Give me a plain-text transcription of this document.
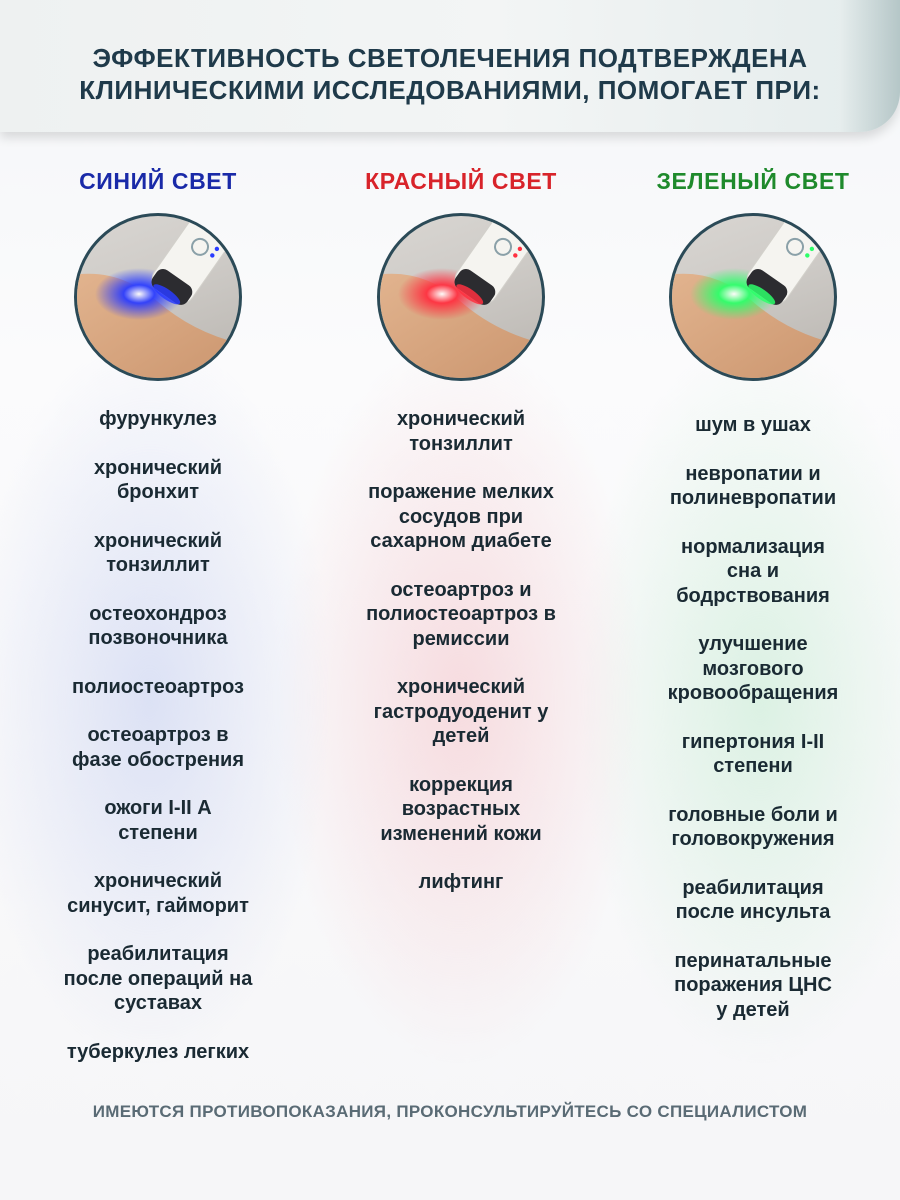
ЭФФЕКТИВНОСТЬ СВЕТОЛЕЧЕНИЯ ПОДТВЕРЖДЕНА
КЛИНИЧЕСКИМИ ИССЛЕДОВАНИЯМИ, ПОМОГАЕТ ПРИ:
СИНИЙ СВЕТ
фурункулез
хронический
бронхит
хронический
тонзиллит
остеохондроз
позвоночника
полиостеоартроз
остеоартроз в
фазе обострения
ожоги I-II А
степени
хронический
синусит, гайморит
реабилитация
после операций на
суставах
туберкулез легких
КРАСНЫЙ СВЕТ
хронический
тонзиллит
поражение мелких
сосудов при
сахарном диабете
остеоартроз и
полиостеоартроз в
ремиссии
хронический
гастродуоденит у
детей
коррекция
возрастных
изменений кожи
лифтинг
ЗЕЛЕНЫЙ СВЕТ
шум в ушах
невропатии и
полиневропатии
нормализация
сна и
бодрствования
улучшение
мозгового
кровообращения
гипертония I-II
степени
головные боли и
головокружения
реабилитация
после инсульта
перинатальные
поражения ЦНС
у детей

ИМЕЮТСЯ ПРОТИВОПОКАЗАНИЯ, ПРОКОНСУЛЬТИРУЙТЕСЬ СО СПЕЦИАЛИСТОМ
